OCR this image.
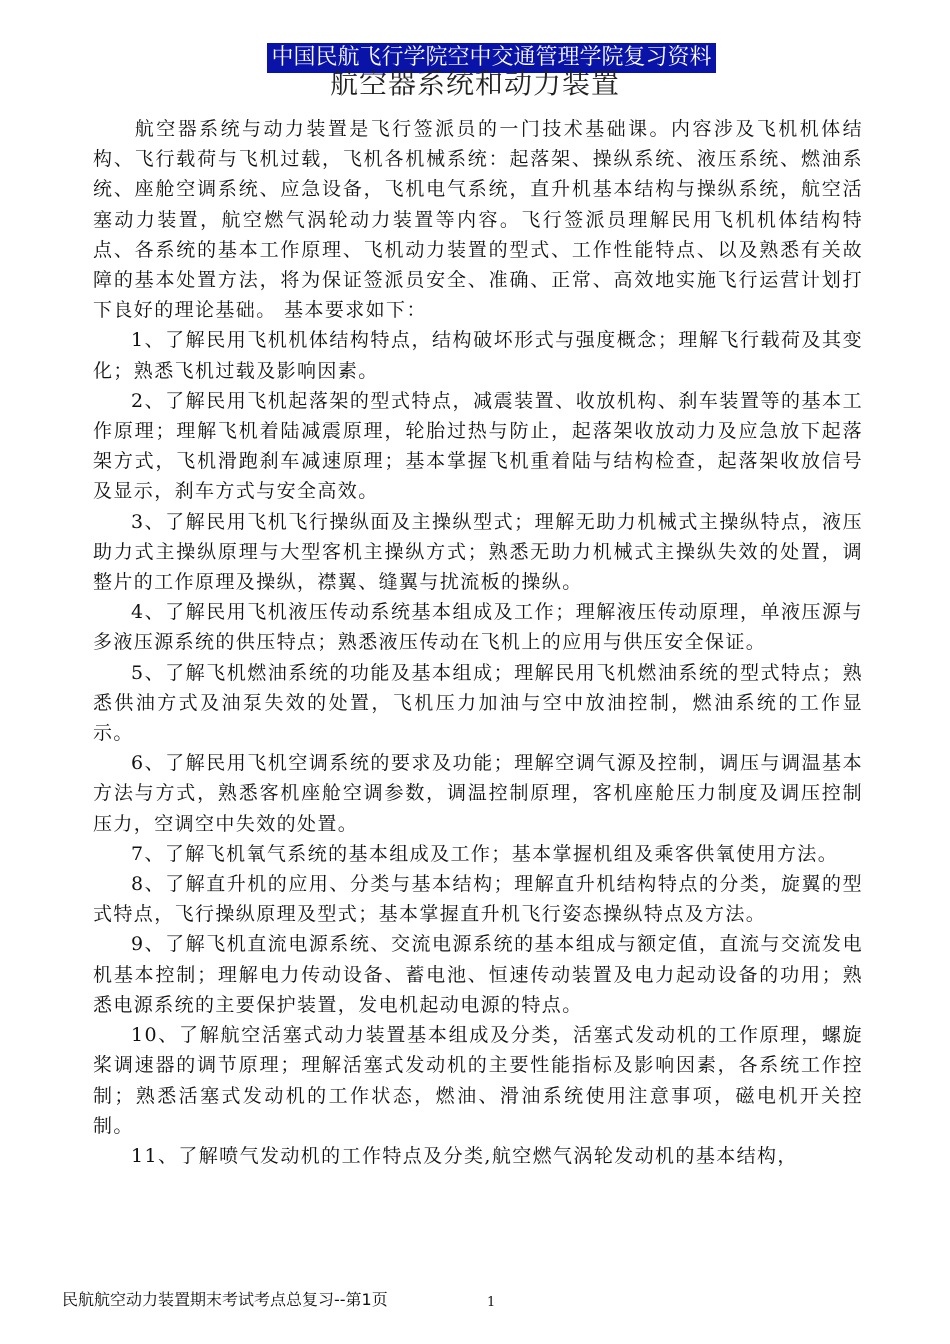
中国民航飞行学院空中交通管理学院复习资料
航空器系统和动力装置

航空器系统与动力装置是飞行签派员的一门技术基础课。内容涉及飞机机体结构、飞行载荷与飞机过载，飞机各机械系统：起落架、操纵系统、液压系统、燃油系统、座舱空调系统、应急设备，飞机电气系统，直升机基本结构与操纵系统，航空活塞动力装置，航空燃气涡轮动力装置等内容。飞行签派员理解民用飞机机体结构特点、各系统的基本工作原理、飞机动力装置的型式、工作性能特点、以及熟悉有关故障的基本处置方法，将为保证签派员安全、准确、正常、高效地实施飞行运营计划打下良好的理论基础。 基本要求如下：

1、了解民用飞机机体结构特点，结构破坏形式与强度概念；理解飞行载荷及其变化；熟悉飞机过载及影响因素。

2、了解民用飞机起落架的型式特点，减震装置、收放机构、刹车装置等的基本工作原理；理解飞机着陆减震原理，轮胎过热与防止，起落架收放动力及应急放下起落架方式，飞机滑跑刹车减速原理；基本掌握飞机重着陆与结构检查，起落架收放信号及显示，刹车方式与安全高效。

3、了解民用飞机飞行操纵面及主操纵型式；理解无助力机械式主操纵特点，液压助力式主操纵原理与大型客机主操纵方式；熟悉无助力机械式主操纵失效的处置，调整片的工作原理及操纵，襟翼、缝翼与扰流板的操纵。

4、了解民用飞机液压传动系统基本组成及工作；理解液压传动原理，单液压源与多液压源系统的供压特点；熟悉液压传动在飞机上的应用与供压安全保证。

5、了解飞机燃油系统的功能及基本组成；理解民用飞机燃油系统的型式特点；熟悉供油方式及油泵失效的处置，飞机压力加油与空中放油控制，燃油系统的工作显示。

6、了解民用飞机空调系统的要求及功能；理解空调气源及控制，调压与调温基本方法与方式，熟悉客机座舱空调参数，调温控制原理，客机座舱压力制度及调压控制压力，空调空中失效的处置。

7、了解飞机氧气系统的基本组成及工作；基本掌握机组及乘客供氧使用方法。

8、了解直升机的应用、分类与基本结构；理解直升机结构特点的分类，旋翼的型式特点，飞行操纵原理及型式；基本掌握直升机飞行姿态操纵特点及方法。

9、了解飞机直流电源系统、交流电源系统的基本组成与额定值，直流与交流发电机基本控制；理解电力传动设备、蓄电池、恒速传动装置及电力起动设备的功用；熟悉电源系统的主要保护装置，发电机起动电源的特点。

10、了解航空活塞式动力装置基本组成及分类，活塞式发动机的工作原理，螺旋桨调速器的调节原理；理解活塞式发动机的主要性能指标及影响因素，各系统工作控制；熟悉活塞式发动机的工作状态，燃油、滑油系统使用注意事项，磁电机开关控制。

11、了解喷气发动机的工作特点及分类,航空燃气涡轮发动机的基本结构，

民航航空动力装置期末考试考点总复习--第1页	1
